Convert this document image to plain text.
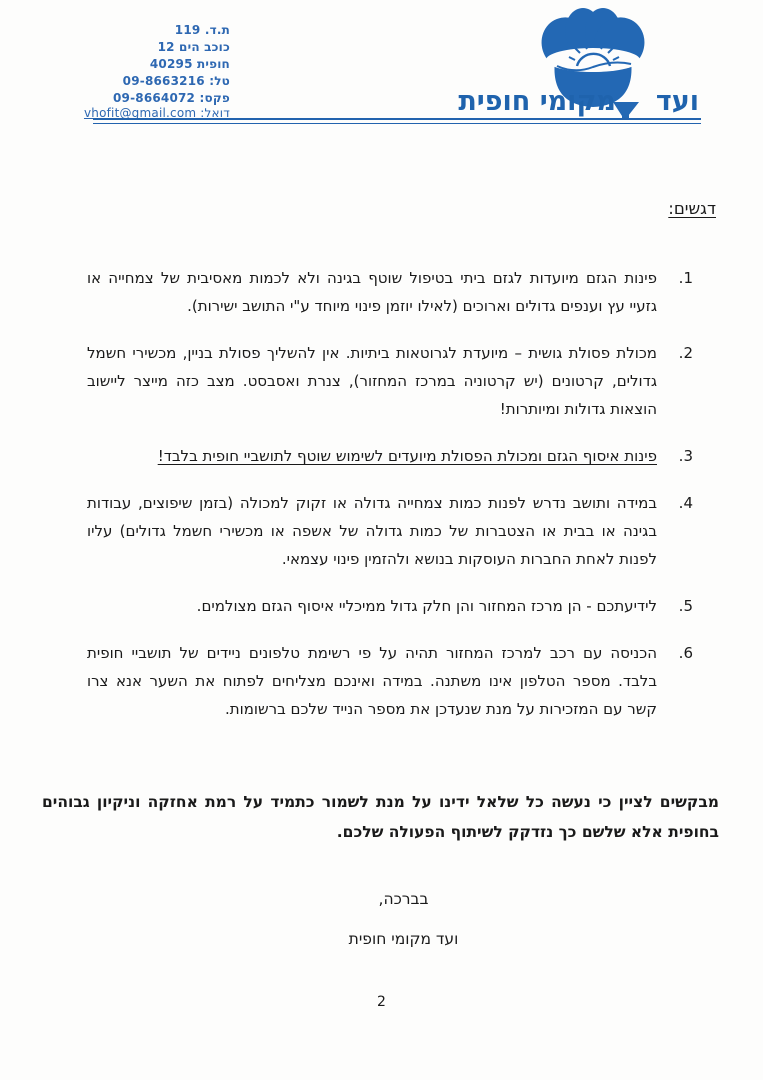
ת.ד. 119
כוכב הים 12
חופית 40295
טל: 09-8663216
פקס: 09-8664072
דואל: vhofit@gmail.com	ועד
מקומי חופית
דגשים:
1.
פינות הגזם מיועדות לגזם ביתי בטיפול שוטף בגינה ולא לכמות מאסיבית של צמחייה או גזעיי עץ וענפים גדולים וארוכים (לאילו יוזמן פינוי מיוחד ע"י התושב ישירות).
2.
מכולת פסולת גושית – מיועדת לגרוטאות ביתיות. אין להשליך פסולת בניין, מכשירי חשמל גדולים, קרטונים (יש קרטוניה במרכז המחזור), צנרת ואסבסט. מצב כזה מייצר ליישוב הוצאות גדולות ומיותרות!
3.
פינות איסוף הגזם ומכולת הפסולת מיועדים לשימוש שוטף לתושביי חופית בלבד!
4.
במידה ותושב נדרש לפנות כמות צמחייה גדולה או זקוק למכולה (בזמן שיפוצים, עבודות בגינה או בבית או הצטברות של כמות גדולה של אשפה או מכשירי חשמל גדולים) עליו לפנות לאחת החברות העוסקות בנושא ולהזמין פינוי עצמאי.
5.
לידיעתכם - הן מרכז המחזור והן חלק גדול ממיכליי איסוף הגזם מצולמים.
6.
הכניסה עם רכב למרכז המחזור תהיה על פי רשימת טלפונים ניידים של תושביי חופית בלבד. מספר הטלפון אינו משתנה. במידה ואינכם מצליחים לפתוח את השער אנא צרו קשר עם המזכירות על מנת שנעדכן את מספר הנייד שלכם ברשומות.
מבקשים לציין כי נעשה כל שלאל ידינו על מנת לשמור כתמיד על רמת אחזקה וניקיון גבוהים בחופית אלא שלשם כך נזדקק לשיתוף הפעולה שלכם.
בברכה,
ועד מקומי חופית
2
